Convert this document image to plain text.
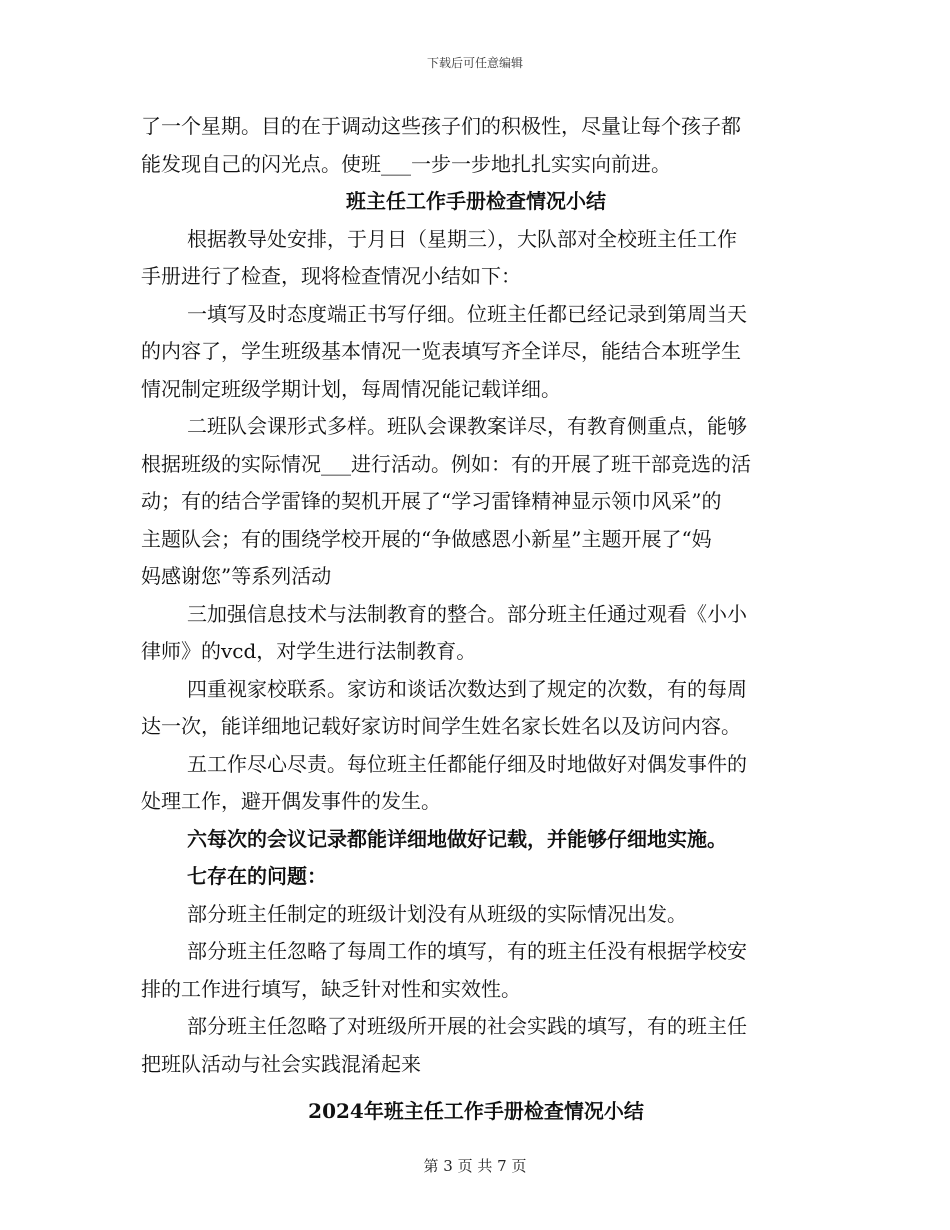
下载后可任意编辑
了一个星期。目的在于调动这些孩子们的积极性，尽量让每个孩子都
能发现自己的闪光点。使班___一步一步地扎扎实实向前进。
班主任工作手册检查情况小结
根据教导处安排，于月日（星期三），大队部对全校班主任工作
手册进行了检查，现将检查情况小结如下：
一填写及时态度端正书写仔细。位班主任都已经记录到第周当天
的内容了，学生班级基本情况一览表填写齐全详尽，能结合本班学生
情况制定班级学期计划，每周情况能记载详细。
二班队会课形式多样。班队会课教案详尽，有教育侧重点，能够
根据班级的实际情况___进行活动。例如：有的开展了班干部竞选的活
动；有的结合学雷锋的契机开展了“学习雷锋精神显示领巾风采”的
主题队会；有的围绕学校开展的“争做感恩小新星”主题开展了“妈
妈感谢您”等系列活动
三加强信息技术与法制教育的整合。部分班主任通过观看《小小
律师》的vcd，对学生进行法制教育。
四重视家校联系。家访和谈话次数达到了规定的次数，有的每周
达一次，能详细地记载好家访时间学生姓名家长姓名以及访问内容。
五工作尽心尽责。每位班主任都能仔细及时地做好对偶发事件的
处理工作，避开偶发事件的发生。
六每次的会议记录都能详细地做好记载，并能够仔细地实施。
七存在的问题：
部分班主任制定的班级计划没有从班级的实际情况出发。
部分班主任忽略了每周工作的填写，有的班主任没有根据学校安
排的工作进行填写，缺乏针对性和实效性。
部分班主任忽略了对班级所开展的社会实践的填写，有的班主任
把班队活动与社会实践混淆起来
2024年班主任工作手册检查情况小结
第 3 页 共 7 页
